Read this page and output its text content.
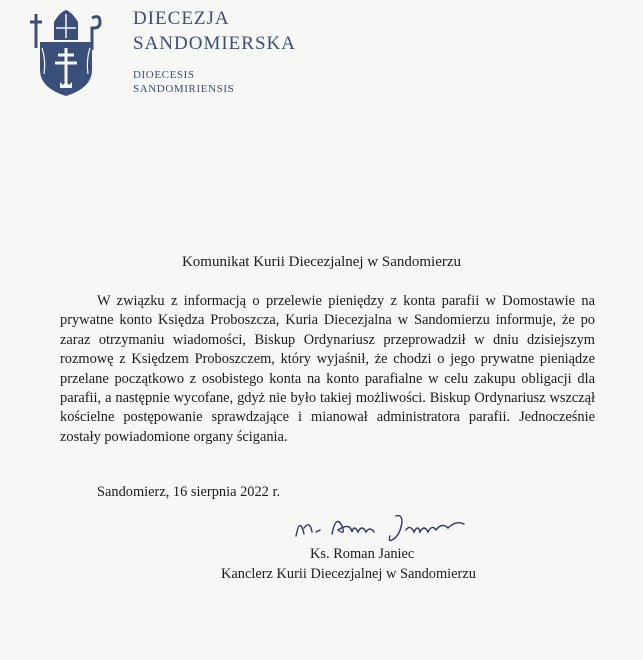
DIECEZJA
SANDOMIERSKA
DIOECESIS
SANDOMIRIENSIS
Komunikat Kurii Diecezjalnej w Sandomierzu

W związku z informacją o przelewie pieniędzy z konta parafii w Domostawie na prywatne konto Księdza Proboszcza, Kuria Diecezjalna w Sandomierzu informuje, że po zaraz otrzymaniu wiadomości, Biskup Ordynariusz przeprowadził w dniu dzisiejszym rozmowę z Księdzem Proboszczem, który wyjaśnił, że chodzi o jego prywatne pieniądze przelane początkowo z osobistego konta na konto parafialne w celu zakupu obligacji dla parafii, a następnie wycofane, gdyż nie było takiej możliwości. Biskup Ordynariusz wszczął kościelne postępowanie sprawdzające i mianował administratora parafii. Jednocześnie zostały powiadomione organy ścigania.

Sandomierz, 16 sierpnia 2022 r.
Ks. Roman Janiec
Kanclerz Kurii Diecezjalnej w Sandomierzu
